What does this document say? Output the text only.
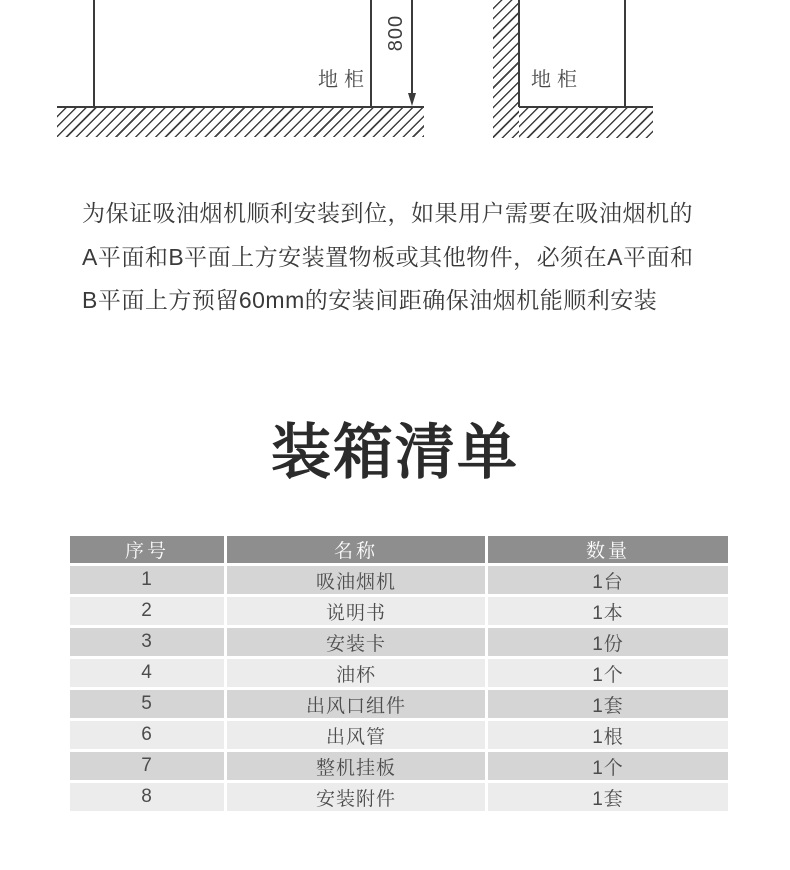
800
地柜	地柜
为保证吸油烟机顺利安装到位，如果用户需要在吸油烟机的
A平面和B平面上方安装置物板或其他物件，必须在A平面和
B平面上方预留60mm的安装间距确保油烟机能顺利安装
装箱清单
序号	名称	数量
1	吸油烟机	1台
2	说明书	1本
3	安装卡	1份
4	油杯	1个
5	出风口组件	1套
6	出风管	1根
7	整机挂板	1个
8	安装附件	1套
